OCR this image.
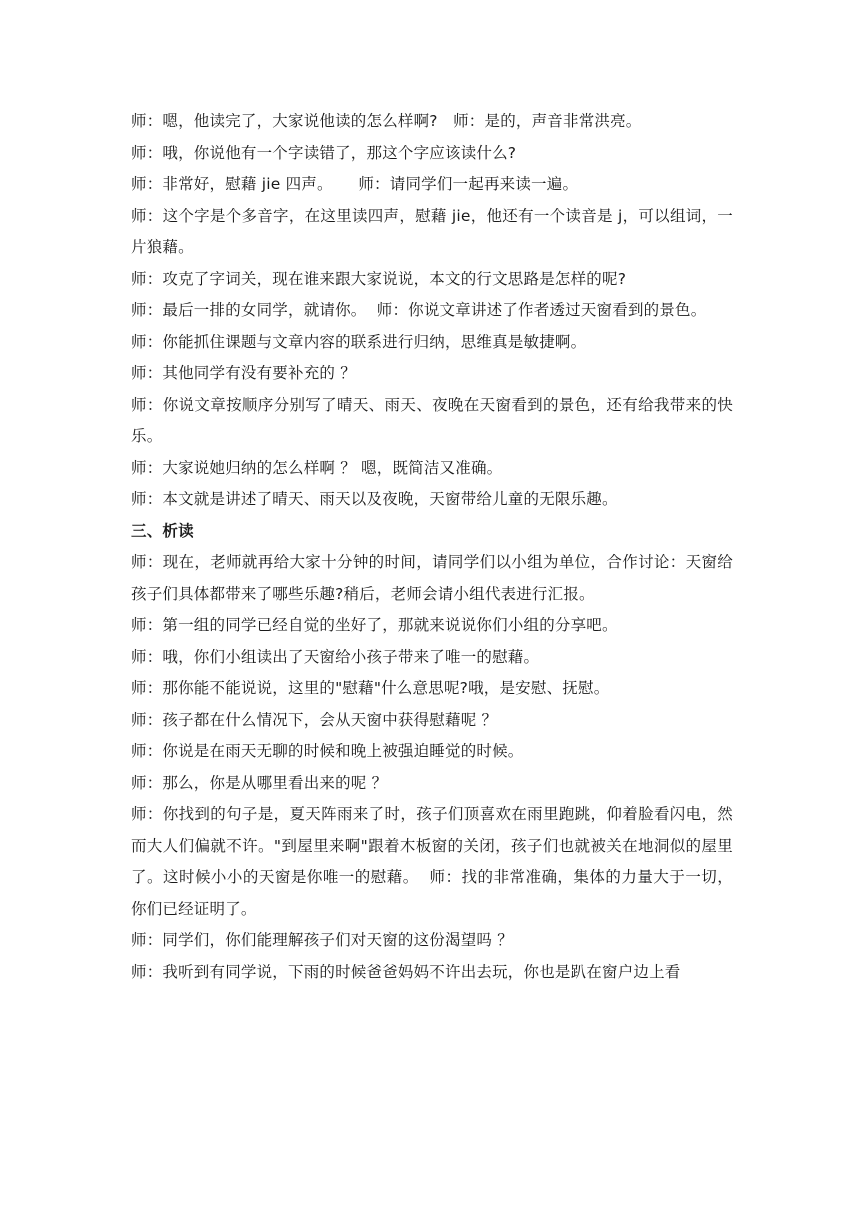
师：嗯，他读完了，大家说他读的怎么样啊?   师：是的，声音非常洪亮。

师：哦，你说他有一个字读错了，那这个字应该读什么?

师：非常好，慰藉 jie 四声。     师：请同学们一起再来读一遍。

师：这个字是个多音字，在这里读四声，慰藉 jie，他还有一个读音是 j，可以组词，一片狼藉。

师：攻克了字词关，现在谁来跟大家说说，本文的行文思路是怎样的呢?

师：最后一排的女同学，就请你。  师：你说文章讲述了作者透过天窗看到的景色。

师：你能抓住课题与文章内容的联系进行归纳，思维真是敏捷啊。

师：其他同学有没有要补充的 ？

师：你说文章按顺序分别写了晴天、雨天、夜晚在天窗看到的景色，还有给我带来的快乐。

师：大家说她归纳的怎么样啊 ？ 嗯，既简洁又准确。

师：本文就是讲述了晴天、雨天以及夜晚，天窗带给儿童的无限乐趣。

三、析读

师：现在，老师就再给大家十分钟的时间，请同学们以小组为单位，合作讨论：天窗给孩子们具体都带来了哪些乐趣?稍后，老师会请小组代表进行汇报。

师：第一组的同学已经自觉的坐好了，那就来说说你们小组的分享吧。

师：哦，你们小组读出了天窗给小孩子带来了唯一的慰藉。

师：那你能不能说说，这里的"慰藉"什么意思呢?哦，是安慰、抚慰。

师：孩子都在什么情况下，会从天窗中获得慰藉呢 ？

师：你说是在雨天无聊的时候和晚上被强迫睡觉的时候。

师：那么，你是从哪里看出来的呢 ？

师：你找到的句子是，夏天阵雨来了时，孩子们顶喜欢在雨里跑跳，仰着脸看闪电，然而大人们偏就不许。"到屋里来啊"跟着木板窗的关闭，孩子们也就被关在地洞似的屋里了。这时候小小的天窗是你唯一的慰藉。  师：找的非常准确，集体的力量大于一切，你们已经证明了。

师：同学们，你们能理解孩子们对天窗的这份渴望吗 ？

师：我听到有同学说，下雨的时候爸爸妈妈不许出去玩，你也是趴在窗户边上看
